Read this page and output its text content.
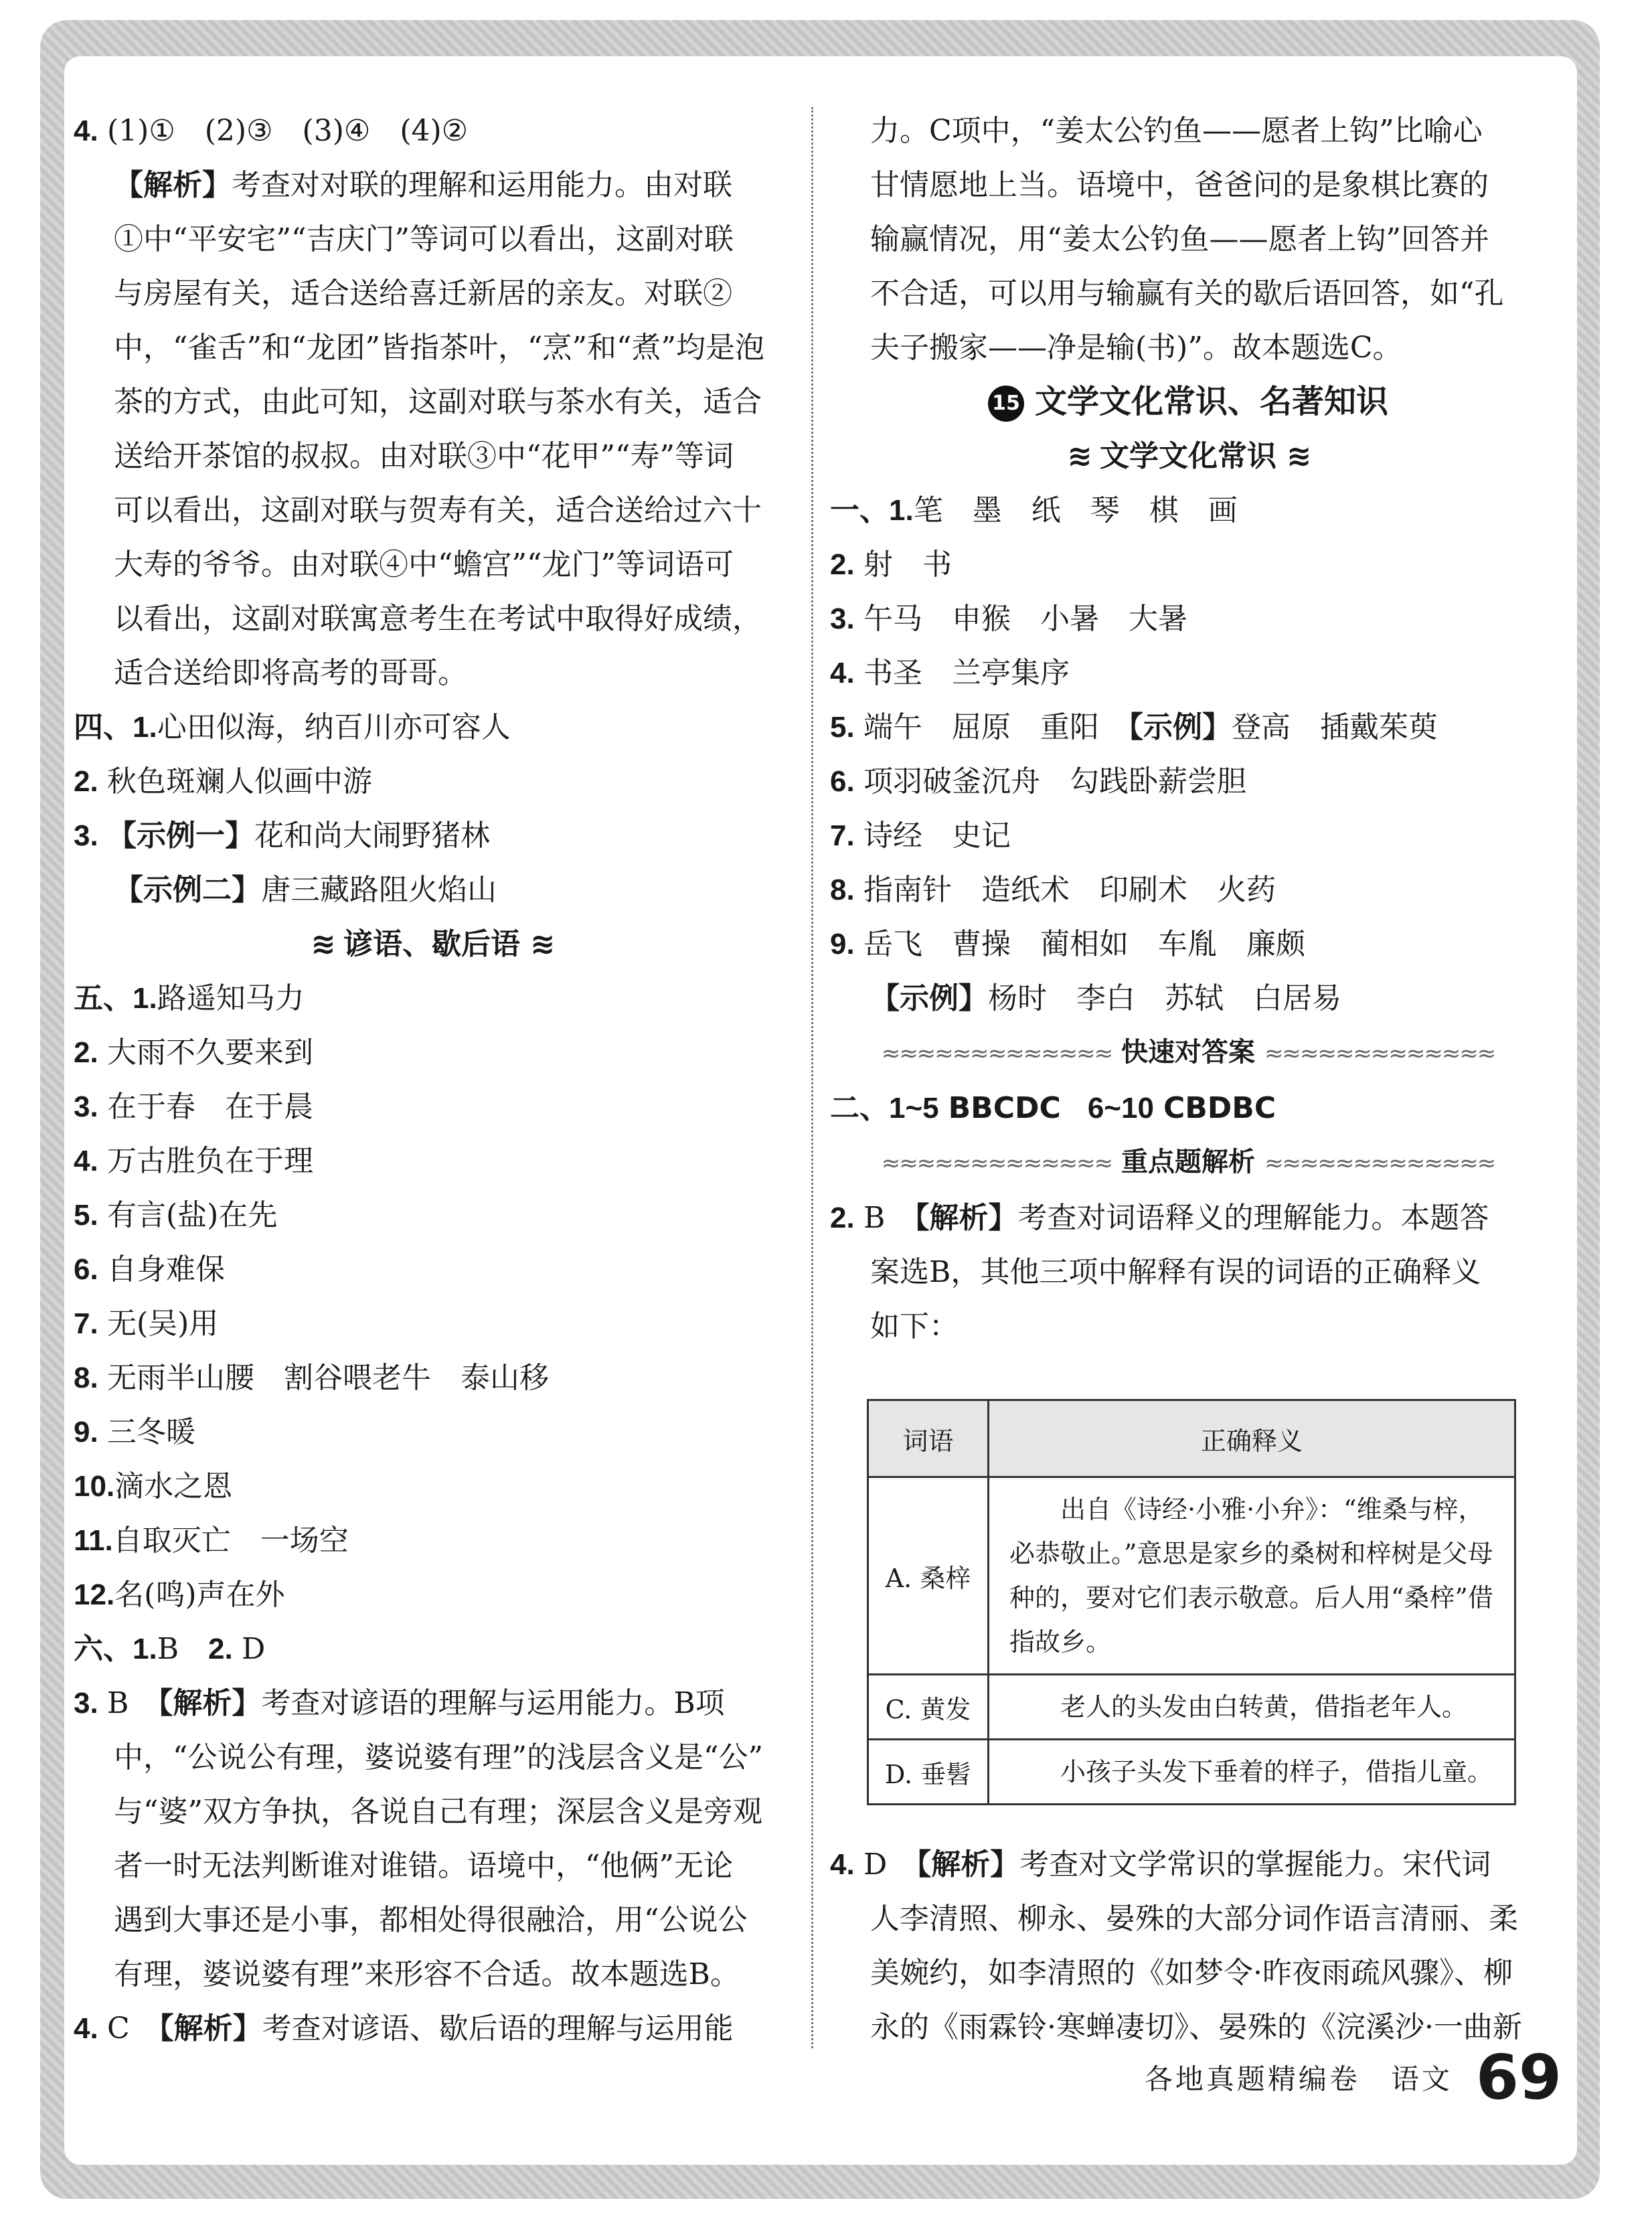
4. (1)①　(2)③　(3)④　(4)②
【解析】考查对对联的理解和运用能力。由对联
①中“平安宅”“吉庆门”等词可以看出，这副对联
与房屋有关，适合送给喜迁新居的亲友。对联②
中，“雀舌”和“龙团”皆指茶叶，“烹”和“煮”均是泡
茶的方式，由此可知，这副对联与茶水有关，适合
送给开茶馆的叔叔。由对联③中“花甲”“寿”等词
可以看出，这副对联与贺寿有关，适合送给过六十
大寿的爷爷。由对联④中“蟾宫”“龙门”等词语可
以看出，这副对联寓意考生在考试中取得好成绩，
适合送给即将高考的哥哥。
四、1.心田似海，纳百川亦可容人
2. 秋色斑斓人似画中游
3. 【示例一】花和尚大闹野猪林
【示例二】唐三藏路阻火焰山
≋ 谚语、歇后语 ≋
五、1.路遥知马力
2. 大雨不久要来到
3. 在于春　在于晨
4. 万古胜负在于理
5. 有言(盐)在先
6. 自身难保
7. 无(吴)用
8. 无雨半山腰　割谷喂老牛　泰山移
9. 三冬暖
10.滴水之恩
11.自取灭亡　一场空
12.名(鸣)声在外
六、1.B　2. D
3. B　【解析】考查对谚语的理解与运用能力。B项
中，“公说公有理，婆说婆有理”的浅层含义是“公”
与“婆”双方争执，各说自己有理；深层含义是旁观
者一时无法判断谁对谁错。语境中，“他俩”无论
遇到大事还是小事，都相处得很融洽，用“公说公
有理，婆说婆有理”来形容不合适。故本题选B。
4. C　【解析】考查对谚语、歇后语的理解与运用能
力。C项中，“姜太公钓鱼——愿者上钩”比喻心
甘情愿地上当。语境中，爸爸问的是象棋比赛的
输赢情况，用“姜太公钓鱼——愿者上钩”回答并
不合适，可以用与输赢有关的歇后语回答，如“孔
夫子搬家——净是输(书)”。故本题选C。
15 文学文化常识、名著知识
≋ 文学文化常识 ≋
一、1.笔　墨　纸　琴　棋　画
2. 射　书
3. 午马　申猴　小暑　大暑
4. 书圣　兰亭集序
5. 端午　屈原　重阳　【示例】登高　插戴茱萸
6. 项羽破釜沉舟　勾践卧薪尝胆
7. 诗经　史记
8. 指南针　造纸术　印刷术　火药
9. 岳飞　曹操　蔺相如　车胤　廉颇
【示例】杨时　李白　苏轼　白居易
≈≈≈≈≈≈≈≈≈≈≈≈≈ 快速对答案 ≈≈≈≈≈≈≈≈≈≈≈≈≈
二、1~5 BBCDC 6~10 CBDBC
≈≈≈≈≈≈≈≈≈≈≈≈≈ 重点题解析 ≈≈≈≈≈≈≈≈≈≈≈≈≈
2. B　【解析】考查对词语释义的理解能力。本题答
案选B，其他三项中解释有误的词语的正确释义
如下：
词语	正确释义
A. 桑梓	　　出自《诗经·小雅·小弁》：“维桑与梓，必恭敬止。”意思是家乡的桑树和梓树是父母种的，要对它们表示敬意。后人用“桑梓”借指故乡。
C. 黄发	　　老人的头发由白转黄，借指老年人。
D. 垂髫	　　小孩子头发下垂着的样子，借指儿童。
4. D　【解析】考查对文学常识的掌握能力。宋代词
人李清照、柳永、晏殊的大部分词作语言清丽、柔
美婉约，如李清照的《如梦令·昨夜雨疏风骤》、柳
永的《雨霖铃·寒蝉凄切》、晏殊的《浣溪沙·一曲新
各地真题精编卷　语文 69
